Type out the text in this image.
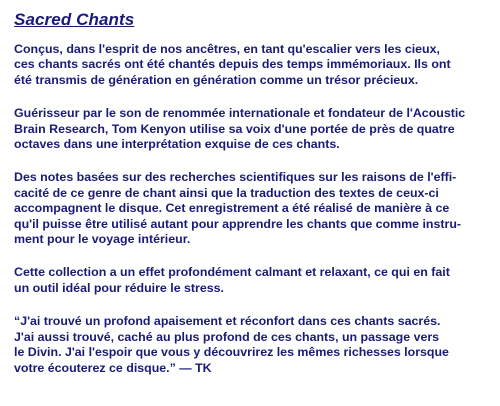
Sacred Chants

Conçus, dans l'esprit de nos ancêtres, en tant qu'escalier vers les cieux,
ces chants sacrés ont été chantés depuis des temps immémoriaux. Ils ont
été transmis de génération en génération comme un trésor précieux.

Guérisseur par le son de renommée internationale et fondateur de l'Acoustic
Brain Research, Tom Kenyon utilise sa voix d'une portée de près de quatre
octaves dans une interprétation exquise de ces chants.

Des notes basées sur des recherches scientifiques sur les raisons de l'effi-
cacité de ce genre de chant ainsi que la traduction des textes de ceux-ci
accompagnent le disque. Cet enregistrement a été réalisé de manière à ce
qu'il puisse être utilisé autant pour apprendre les chants que comme instru-
ment pour le voyage intérieur.

Cette collection a un effet profondément calmant et relaxant, ce qui en fait
un outil idéal pour réduire le stress.

“J'ai trouvé un profond apaisement et réconfort dans ces chants sacrés.
J'ai aussi trouvé, caché au plus profond de ces chants, un passage vers
le Divin. J'ai l'espoir que vous y découvrirez les mêmes richesses lorsque
votre écouterez ce disque.” — TK
